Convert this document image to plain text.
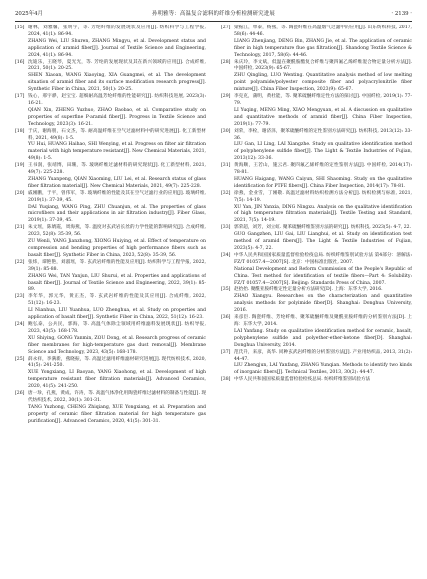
2025年4月	孙明雅等：高温复合滤料的纤维分析检测研究进展	· 2139 ·

[15] 谢林，刘雅馨，张明宇，等. 芳纶纤维的发展现状及应用[J]. 纺织科学与工程学报, 2024, 41(1): 86-94.

ZHANG Wei, LIU Shuren, ZHANG Mingyu, et al. Development status and application of aramid fiber[J]. Journal of Textile Science and Engineering, 2024, 41(1): 86-94.

[16] 沈迪乐，王晓琴，夏光光，等. 芳纶的发展现状及其在新兴领域的应用[J]. 合成纤维, 2021, 50(1): 20-25.

SHEN Xiaoan, WANG Xiaoying, XIA Guangmei, et al. The development situation of aramid fiber and its surface modification research progress[J]. Synthetic Fiber in China, 2021, 50(1): 20-25.

[17] 钱心，邢宇骅，赵宝宝. 超细耐高温芳纶纤维的性能研究[J]. 纺织科技进展, 2023(3): 16-21.

QIAN Xin, ZHENG Yuzhuo, ZHAO Baobao, et al. Comparative study on properties of superfine P-aramid fiber[J]. Progress in Textile Science and Technology, 2023(3): 16-21.

[18] 于庆，谢海朋，石文杰，等. 耐高温纤维在空气过滤材料中的研究进展[J]. 化工新型材料, 2021, 49(8): 1-5.

YU Hui, HUANG Haihao, SHI Wenying, et al. Progress on filter air filtration material with high temperature resistant[J]. New Chemical Materials, 2021, 49(8): 1-5.

[19] 王书润，张靖博，田珊，等. 玻璃纤维过滤材料的研究现状[J]. 化工新型材料, 2021, 49(7): 225-228.

ZHANG Yuanpeng, QIAN Xiaoming, LIU Lei, et al. Research status of glass fiber filtration material[J]. New Chemical Materials, 2021, 49(7): 225-228.

[20] 戚刚鹏，于平，曾伟军，等. 玻璃纤维的性能及其在空气过滤行业的应用[J]. 玻璃纤维, 2019(1): 37-39, 45.

DAI Yuqiang, WANG Ping, ZHU Chuanjun, et al. The properties of glass microfibers and their applications in air filtration industry[J]. Fiber Glass, 2019(1): 37-39, 45.

[21] 朱文瑶，陈婧霞，周海燕，等. 温度对玄武岩长丝的力学性能的影响研究[J]. 合成纤维, 2023, 52(8): 35-39, 56.

ZU Wenli, YANG Jianzhong, XIONG Huiying, et al. Effect of temperature on compression and bending properties of high performance fibers such as basalt fiber[J]. Synthetic Fiber in China, 2023, 52(8): 35-39, 56.

[22] 张炜，谭艳艳，刘淑瑶，等. 玄武岩纤维的性能及应用[J]. 纺织科学与工程学报, 2022, 39(1): 85-88.

ZHANG Wei, TAN Yanjun, LIU Shurui, et al. Properties and applications of basalt fiber[J]. Journal of Textile Science and Engineering, 2022, 39(1): 85-89.

[23] 李年华，郭元华，黄正杰，等. 玄武岩纤维的性能及其应用[J]. 合成纤维, 2022, 51(12): 16-23.

LI Nianhua, LIU Yuanhua, LUO Zhenghua, et al. Study on properties and application of basalt fiber[J]. Synthetic Fiber in China, 2022, 51(12): 16-23.

[24] 鲍弘泰，公兵民，郭海，等. 高温气体除尘领域用纤维滤料发展现状[J]. 纺织导报, 2023, 43(5): 168-178.

XU Shiying, GONG Yanmin, ZOU Dong, et al. Research progress of ceramic fiber membranes for high-temperature gas dust removal[J]. Membrane Science and Technology, 2023, 43(5): 168-178.

[25] 薛永祥，李满新，燕晓振，等. 高温过滤用纤维滤材研究进展[J]. 现代纺织技术, 2020, 41(5): 241-250.

XUE Yongxiang, LI Baoyan, YANG Xiaohong, et al. Development of high temperature resistant fiber filtration materials[J]. Advanced Ceramics, 2020, 41(5): 241-250.

[26] 唐一珍，孔燕，黄成、许涛，等. 高温气体净化用陶瓷纤维过滤材料的制备与性能[J]. 现代纺织技术, 2022, 30(1): 301-31.

TANG Yuzhong, CHENG Zhiqiang, XUE Yongxiang, et al. Preparation and property of ceramic fiber filtration material for high temperature gas purification[J]. Advanced Ceramics, 2020, 41(5): 301-31.

[27] 梁振江，单泰，杨燕，等. 陶瓷纤维在高温烟气过滤中的应用[J]. 山东纺织科技, 2017, 58(6): 44-46.

LIANG Zhenjiang, DENG Bin, ZHANG Jie, et al. The application of ceramic fiber in high temperature flue gas filtration[J]. Shandong Textile Science & Technology, 2017, 58(6): 44-46.

[28] 朱庆玲，李文斌，低温在聚酰胺酯复合纤维与聚四氟乙烯纤维混合物定量分析方法[J]. 中国纤检, 2023(9): 65-67.

ZHU Qingling, LUO Wenting. Quantitative analysis method of low melting point polyamide/polyester composite fiber and polyacrylonitrile fiber mixture[J]. China Fiber Inspection, 2023(9): 65-67.

[29] 李克克，蒲明，黄杜能，等. 聚苯硫醚纤维定性方法的探讨[J]. 中国纤检, 2019(1): 77-79.

LI Yuqing, MENG Ming, XIAO Mengyuan, et al. A discussion on qualitative and quantitative methods of aramid fiber[J]. China Fiber Inspection, 2019(1): 77-79.

[30] 刘荣，李栓，谢济泽，聚苯硫醚纤维的定性鉴别方法研究[J]. 纺织科技, 2013(12): 33-36.

LIU Gan, LI Ling, LAI Xiangzhe. Study on qualitative identification method of polyphenylene sulfide fiber[J]. The Light & Textile Industries of Fujian, 2013(12): 33-36.

[31] 黄海顺，王若山，施云君. 聚四氟乙烯纤维的定性鉴别方法[J]. 中国纤检, 2014(17): 78-81.

HUANG Haigang, WANG Caiyun, SHI Shaoming. Study on the qualitative identification for PTFE fibers[J]. China Fiber Inspection, 2014(17): 78-81.

[32] 徐燕，金业雪，丁刚敬. 高温过滤材料纺织检测方法分析[J]. 纺织检测与标准, 2021, 7(5): 14-19.

XU Yan, JIN Yanxia, DING Ningxu. Analysis on the qualitative identification of high temperature filtration materials[J]. Textile Testing and Standard, 2021, 7(5): 14-19.

[33] 郭荣超，刘芳，刘立虹. 聚苯硫醚纤维鉴别方法的研究[J]. 纺织科技, 2023(5): 4-7, 22.

GUO Gangzhen, LIU Gai, LIU Lianghui, et al. Study on identification test method of aramid fibers[J]. The Light & Textile Industries of Fujian, 2023(5): 4-7, 22.

[34] 中华人民共和国国家质量监督检验检疫总局. 纺织纤维鉴别试验方法 第4部分：溶解法: FZ/T 01057.4—2007[S]. 北京：中国标准出版社, 2007.

National Development and Reform Commission of the People's Republic of China. Test method for identification of textile fibers—Part 4: Solubility: FZ/T 01057.4—2007[S]. Beijing: Standards Press of China, 2007.

[35] 赵抬抬. 聚酰亚胺纤维定性定量分析方法研究[D]. 上海：东华大学, 2016.

ZHAO Xiangyu. Researches on the characterization and quantitative analysis methods for polyimide fiber[D]. Shanghai: Donghua University, 2016.

[36] 来彦臣. 陶瓷纤维、芳纶纤维、聚苯硫醚纤维及聚酰亚胺纤维的分析鉴别方法[D]. 上海：东华大学, 2014.

LAI Yanfang. Study on qualitative identification method for ceramic, basalt, polyphenylene sulfide and polyether-ether-ketone fiber[D]. Shanghai: Donghua University, 2014.

[37] 范氏升，来彦，高华. 同种玄武岩纤维的分析鉴别方法[J]. 产业用纺织品, 2013, 31(2): 44-47.

LIU Zhengjun, LAI Yanfang, ZHANG Yunqian. Methods to identify two kinds of inorganic fibers[J]. Technical Textiles, 2013, 30(2): 44-47.

[38] 中华人民共和国国家质量监督检验检疫总局. 纺织纤维鉴别试验方法
